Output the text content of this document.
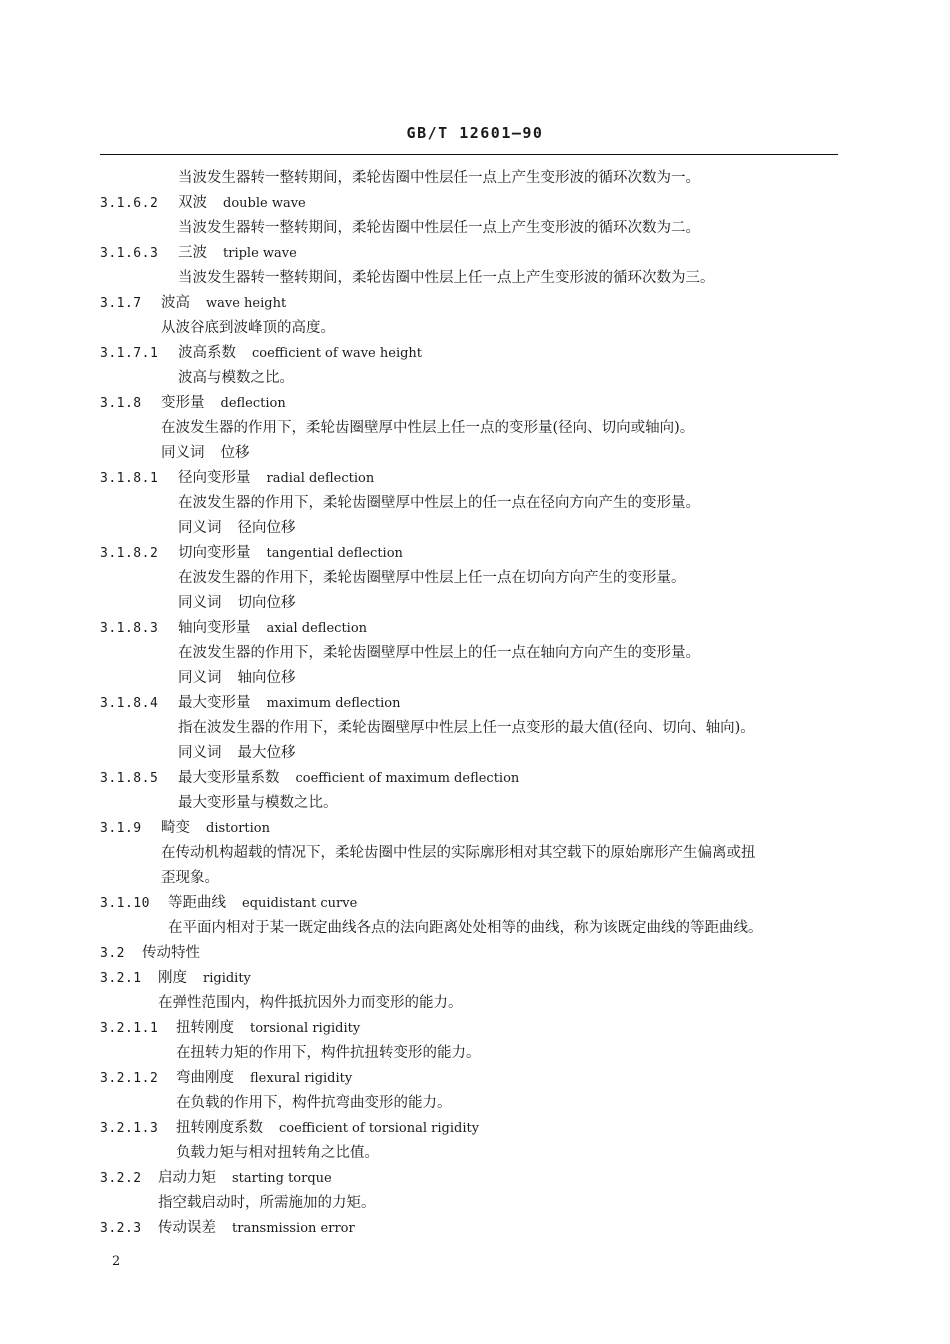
GB/T 12601—90
当波发生器转一整转期间，柔轮齿圈中性层任一点上产生变形波的循环次数为一。
3.1.6.2 双波 double wave
当波发生器转一整转期间，柔轮齿圈中性层任一点上产生变形波的循环次数为二。
3.1.6.3 三波 triple wave
当波发生器转一整转期间，柔轮齿圈中性层上任一点上产生变形波的循环次数为三。
3.1.7 波高 wave height
从波谷底到波峰顶的高度。
3.1.7.1 波高系数 coefficient of wave height
波高与模数之比。
3.1.8 变形量 deflection
在波发生器的作用下，柔轮齿圈壁厚中性层上任一点的变形量(径向、切向或轴向)。
同义词 位移
3.1.8.1 径向变形量 radial deflection
在波发生器的作用下，柔轮齿圈壁厚中性层上的任一点在径向方向产生的变形量。
同义词 径向位移
3.1.8.2 切向变形量 tangential deflection
在波发生器的作用下，柔轮齿圈壁厚中性层上任一点在切向方向产生的变形量。
同义词 切向位移
3.1.8.3 轴向变形量 axial deflection
在波发生器的作用下，柔轮齿圈壁厚中性层上的任一点在轴向方向产生的变形量。
同义词 轴向位移
3.1.8.4 最大变形量 maximum deflection
指在波发生器的作用下，柔轮齿圈壁厚中性层上任一点变形的最大值(径向、切向、轴向)。
同义词 最大位移
3.1.8.5 最大变形量系数 coefficient of maximum deflection
最大变形量与模数之比。
3.1.9 畸变 distortion
在传动机构超载的情况下，柔轮齿圈中性层的实际廓形相对其空载下的原始廓形产生偏离或扭
歪现象。
3.1.10 等距曲线 equidistant curve
在平面内相对于某一既定曲线各点的法向距离处处相等的曲线，称为该既定曲线的等距曲线。
3.2 传动特性
3.2.1 刚度 rigidity
在弹性范围内，构件抵抗因外力而变形的能力。
3.2.1.1 扭转刚度 torsional rigidity
在扭转力矩的作用下，构件抗扭转变形的能力。
3.2.1.2 弯曲刚度 flexural rigidity
在负载的作用下，构件抗弯曲变形的能力。
3.2.1.3 扭转刚度系数 coefficient of torsional rigidity
负载力矩与相对扭转角之比值。
3.2.2 启动力矩 starting torque
指空载启动时，所需施加的力矩。
3.2.3 传动误差 transmission error
2
